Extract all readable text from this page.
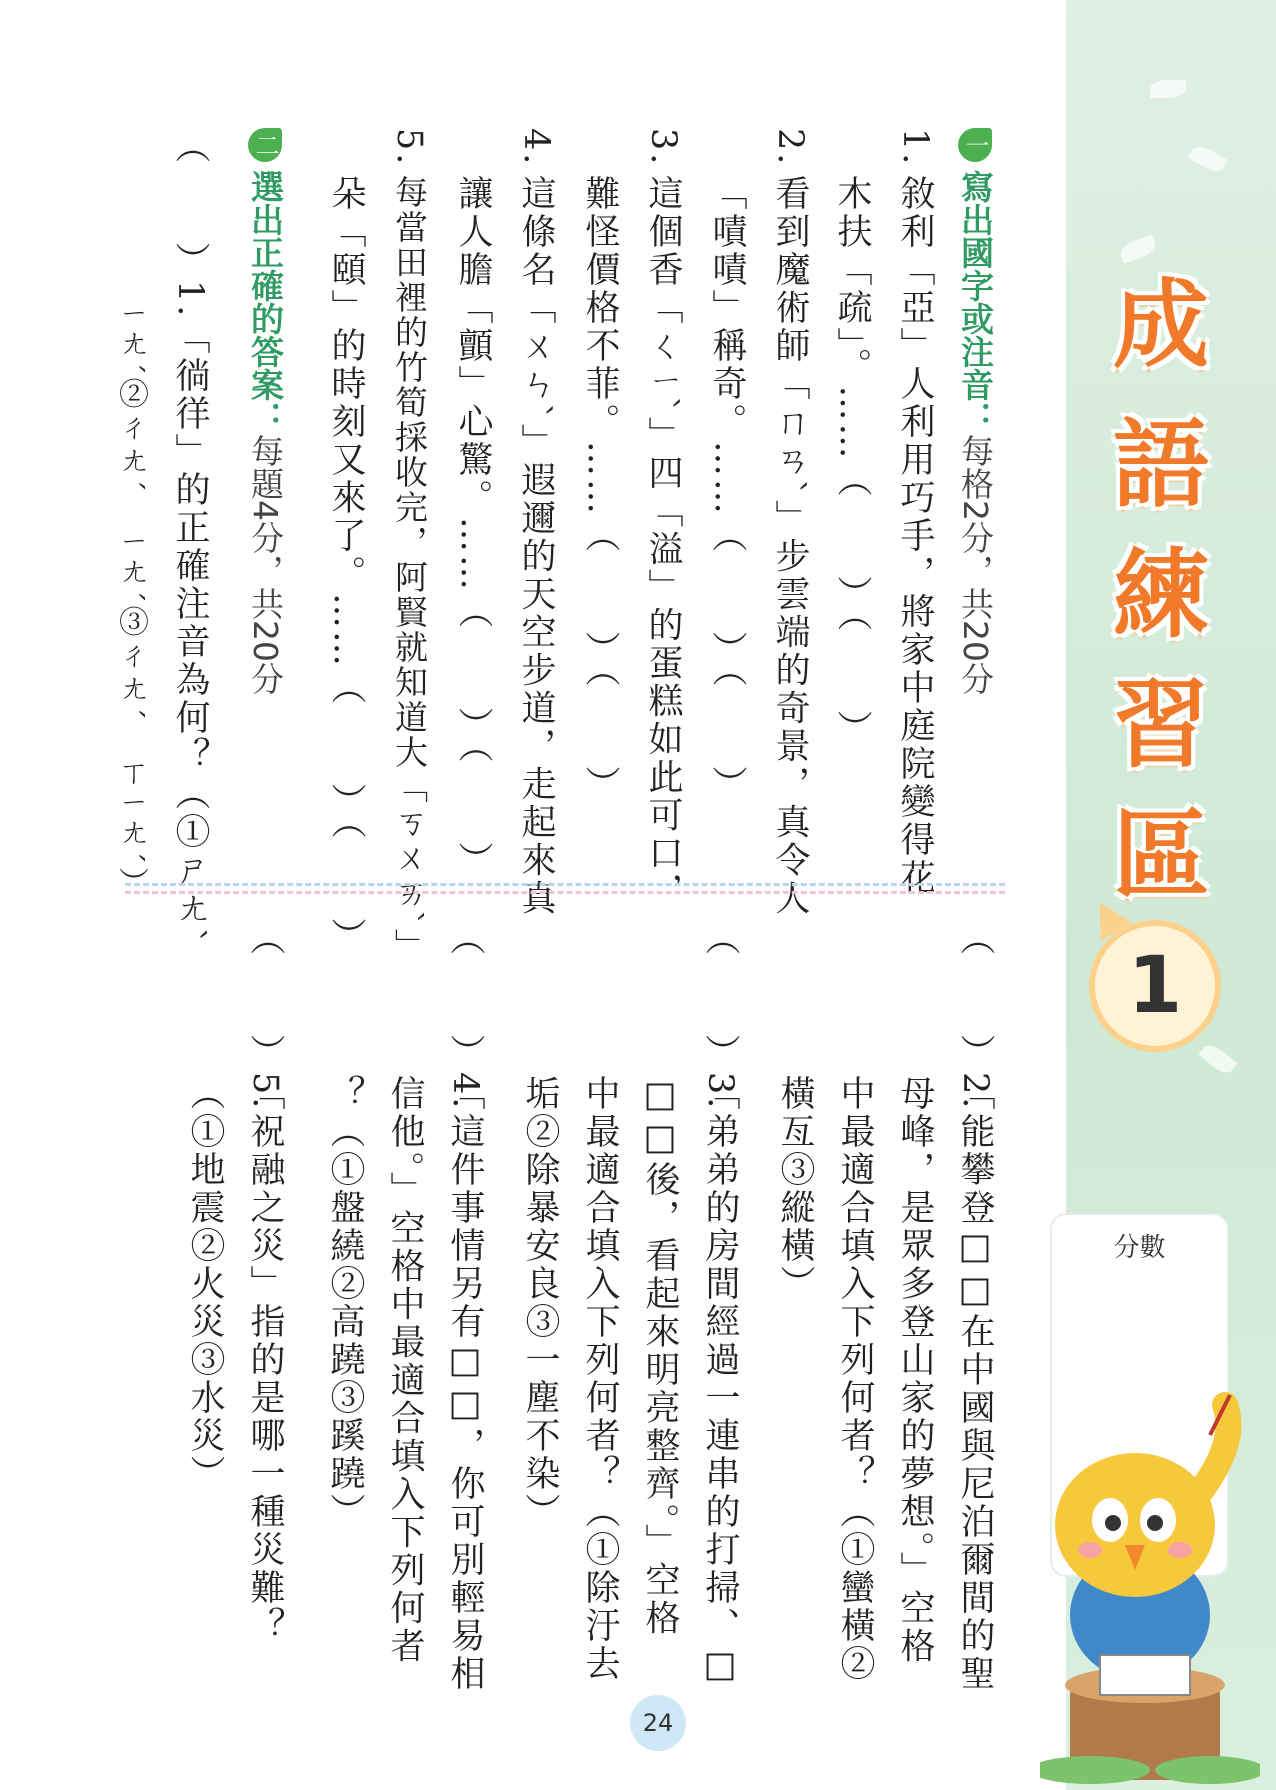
成
語
練
習
區
1
分數
一寫出國字或注音：每格2分，共20分
1.
敘利「亞」人利用巧手，將家中庭院變得花
木扶「疏」。……（　　）（　　）
2.
看到魔術師「ㄇㄢˋ」步雲端的奇景，真令人
「嘖嘖」稱奇。……（　　）（　　）
3.
這個香「ㄑㄧˋ」四「溢」的蛋糕如此可口，
難怪價格不菲。……（　　）（　　）
4.
這條名「ㄨㄣˋ」遐邇的天空步道，走起來真
讓人膽「顫」心驚。……（　　）（　　）
5.
每當田裡的竹筍採收完，阿賢就知道大「ㄎㄨㄞˋ」
朵「頤」的時刻又來了。……（　　）（　　）
二選出正確的答案：每題4分，共20分
（　　）1.「徜徉」的正確注音為何？（①ㄕㄤˋ
ㄧㄤˊ②ㄔㄤˊ　ㄧㄤˊ③ㄔㄤˊ　ㄒㄧㄤˊ）
（　　）2.
「能攀登□□在中國與尼泊爾間的聖
母峰，是眾多登山家的夢想。」空格
中最適合填入下列何者？（①蠻橫②
橫亙③縱橫）
（　　）3.
「弟弟的房間經過一連串的打掃、□
□□後，看起來明亮整齊。」空格
中最適合填入下列何者？（①除汙去
垢②除暴安良③一塵不染）
（　　）4.
「這件事情另有□□，你可別輕易相
信他。」空格中最適合填入下列何者
？（①盤繞②高蹺③蹊蹺）
（　　）5.
「祝融之災」指的是哪一種災難？
（①地震②火災③水災）
24
